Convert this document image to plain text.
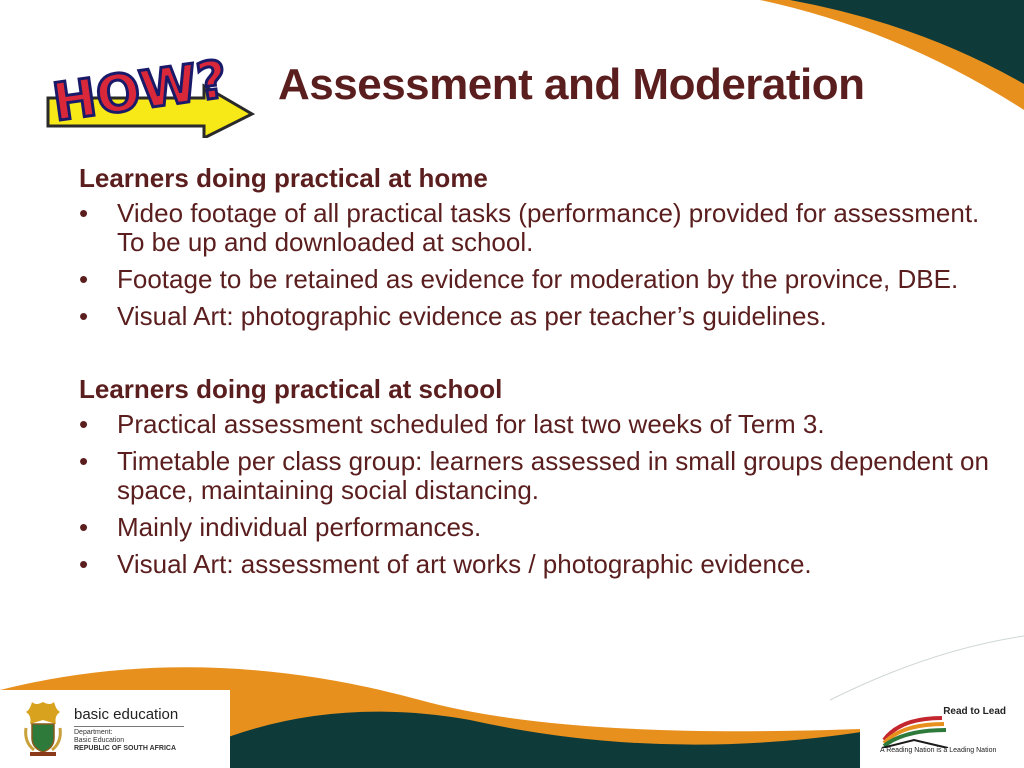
HOW? Assessment and Moderation
Learners doing practical at home
• Video footage of all practical tasks (performance) provided for assessment. To be up and downloaded at school.
• Footage to be retained as evidence for moderation by the province, DBE.
• Visual Art: photographic evidence as per teacher’s guidelines.
Learners doing practical at school
• Practical assessment scheduled for last two weeks of Term 3.
• Timetable per class group: learners assessed in small groups dependent on space, maintaining social distancing.
• Mainly individual performances.
• Visual Art: assessment of art works / photographic evidence.
basic education
Department:
Basic Education
REPUBLIC OF SOUTH AFRICA
Read to Lead
A Reading Nation is a Leading Nation
